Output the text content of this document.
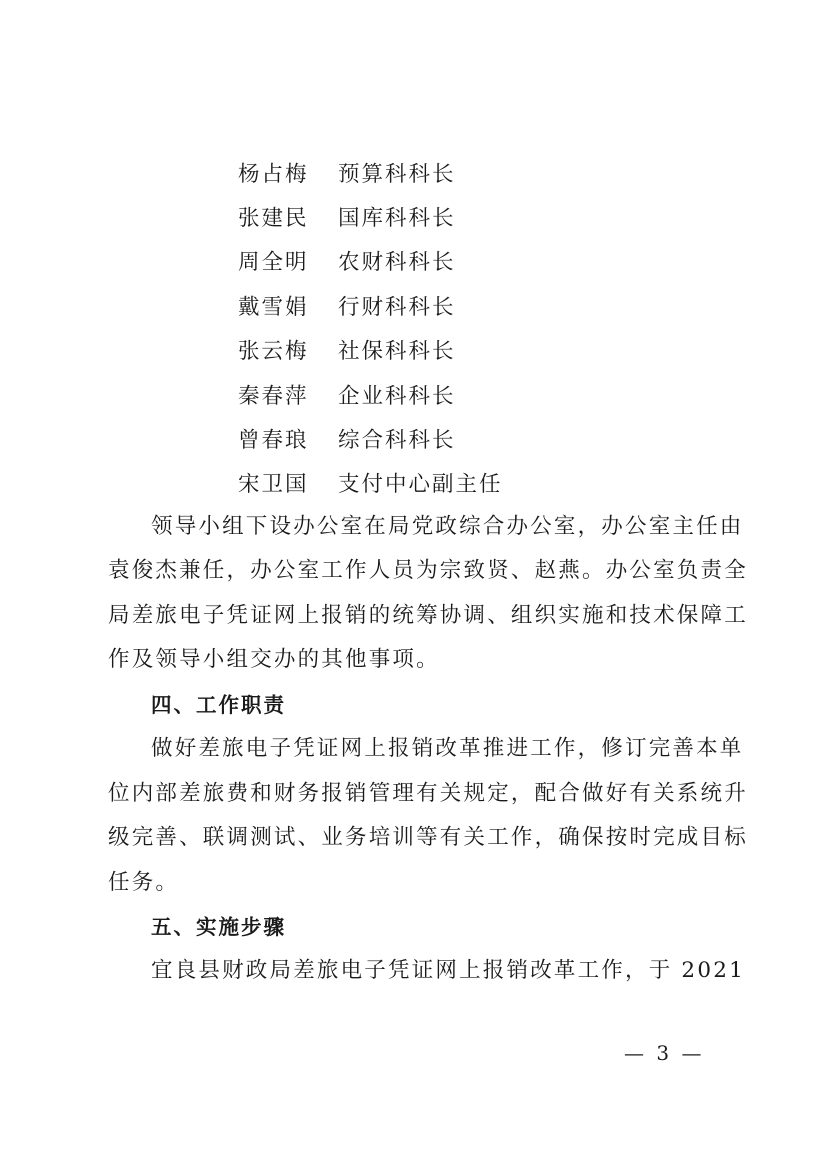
杨占梅	预算科科长
张建民	国库科科长
周全明	农财科科长
戴雪娟	行财科科长
张云梅	社保科科长
秦春萍	企业科科长
曾春琅	综合科科长
宋卫国	支付中心副主任

领导小组下设办公室在局党政综合办公室，办公室主任由
袁俊杰兼任，办公室工作人员为宗致贤、赵燕。办公室负责全
局差旅电子凭证网上报销的统筹协调、组织实施和技术保障工
作及领导小组交办的其他事项。

四、工作职责

做好差旅电子凭证网上报销改革推进工作，修订完善本单
位内部差旅费和财务报销管理有关规定，配合做好有关系统升
级完善、联调测试、业务培训等有关工作，确保按时完成目标
任务。

五、实施步骤

宜良县财政局差旅电子凭证网上报销改革工作，于 2021

— 3 —
